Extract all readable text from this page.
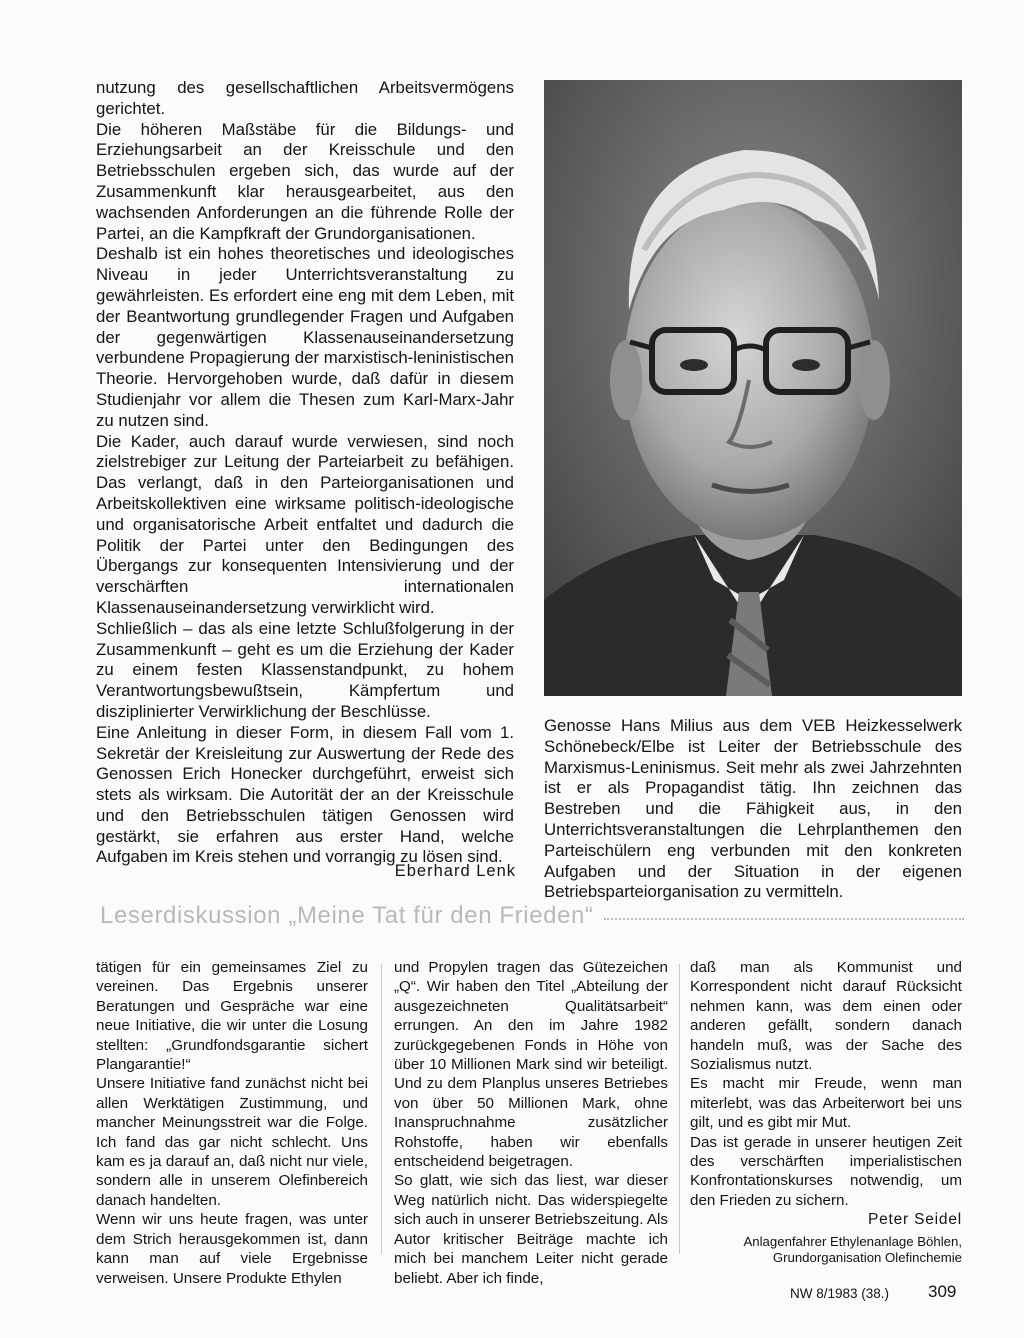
nutzung des gesellschaftlichen Arbeitsvermögens gerichtet.

Die höheren Maßstäbe für die Bildungs- und Erziehungsarbeit an der Kreisschule und den Betriebsschulen ergeben sich, das wurde auf der Zusammenkunft klar herausgearbeitet, aus den wachsenden Anforderungen an die führende Rolle der Partei, an die Kampfkraft der Grundorganisationen.

Deshalb ist ein hohes theoretisches und ideologisches Niveau in jeder Unterrichtsveranstaltung zu gewährleisten. Es erfordert eine eng mit dem Leben, mit der Beantwortung grundlegender Fragen und Aufgaben der gegenwärtigen Klassenauseinandersetzung verbundene Propagierung der marxistisch-leninistischen Theorie. Hervorgehoben wurde, daß dafür in diesem Studienjahr vor allem die Thesen zum Karl-Marx-Jahr zu nutzen sind.

Die Kader, auch darauf wurde verwiesen, sind noch zielstrebiger zur Leitung der Parteiarbeit zu befähigen. Das verlangt, daß in den Parteiorganisationen und Arbeitskollektiven eine wirksame politisch-ideologische und organisatorische Arbeit entfaltet und dadurch die Politik der Partei unter den Bedingungen des Übergangs zur konsequenten Intensivierung und der verschärften internationalen Klassenauseinandersetzung verwirklicht wird.

Schließlich – das als eine letzte Schlußfolgerung in der Zusammenkunft – geht es um die Erziehung der Kader zu einem festen Klassenstandpunkt, zu hohem Verantwortungsbewußtsein, Kämpfertum und disziplinierter Verwirklichung der Beschlüsse.

Eine Anleitung in dieser Form, in diesem Fall vom 1. Sekretär der Kreisleitung zur Auswertung der Rede des Genossen Erich Honecker durchgeführt, erweist sich stets als wirksam. Die Autorität der an der Kreisschule und den Betriebsschulen tätigen Genossen wird gestärkt, sie erfahren aus erster Hand, welche Aufgaben im Kreis stehen und vorrangig zu lösen sind.

Eberhard Lenk

Genosse Hans Milius aus dem VEB Heizkesselwerk Schönebeck/Elbe ist Leiter der Betriebsschule des Marxismus-Leninismus. Seit mehr als zwei Jahrzehnten ist er als Propagandist tätig. Ihn zeichnen das Bestreben und die Fähigkeit aus, in den Unterrichtsveranstaltungen die Lehrplanthemen den Parteischülern eng verbunden mit den konkreten Aufgaben und der Situation in der eigenen Betriebsparteiorganisation zu vermitteln.

Leserdiskussion „Meine Tat für den Frieden“

tätigen für ein gemeinsames Ziel zu vereinen. Das Ergebnis unserer Beratungen und Gespräche war eine neue Initiative, die wir unter die Losung stellten: „Grundfondsgarantie sichert Plangarantie!“

Unsere Initiative fand zunächst nicht bei allen Werktätigen Zustimmung, und mancher Meinungsstreit war die Folge. Ich fand das gar nicht schlecht. Uns kam es ja darauf an, daß nicht nur viele, sondern alle in unserem Olefinbereich danach handelten.

Wenn wir uns heute fragen, was unter dem Strich herausgekommen ist, dann kann man auf viele Ergebnisse verweisen. Unsere Produkte Ethylen

und Propylen tragen das Gütezeichen „Q“. Wir haben den Titel „Abteilung der ausgezeichneten Qualitätsarbeit“ errungen. An den im Jahre 1982 zurückgegebenen Fonds in Höhe von über 10 Millionen Mark sind wir beteiligt. Und zu dem Planplus unseres Betriebes von über 50 Millionen Mark, ohne Inanspruchnahme zusätzlicher Rohstoffe, haben wir ebenfalls entscheidend beigetragen.

So glatt, wie sich das liest, war dieser Weg natürlich nicht. Das widerspiegelte sich auch in unserer Betriebszeitung. Als Autor kritischer Beiträge machte ich mich bei manchem Leiter nicht gerade beliebt. Aber ich finde,

daß man als Kommunist und Korrespondent nicht darauf Rücksicht nehmen kann, was dem einen oder anderen gefällt, sondern danach handeln muß, was der Sache des Sozialismus nutzt.

Es macht mir Freude, wenn man miterlebt, was das Arbeiterwort bei uns gilt, und es gibt mir Mut.

Das ist gerade in unserer heutigen Zeit des verschärften imperialistischen Konfrontationskurses notwendig, um den Frieden zu sichern.

Peter Seidel
Anlagenfahrer Ethylenanlage Böhlen,
Grundorganisation Olefinchemie
NW 8/1983 (38.) 309
